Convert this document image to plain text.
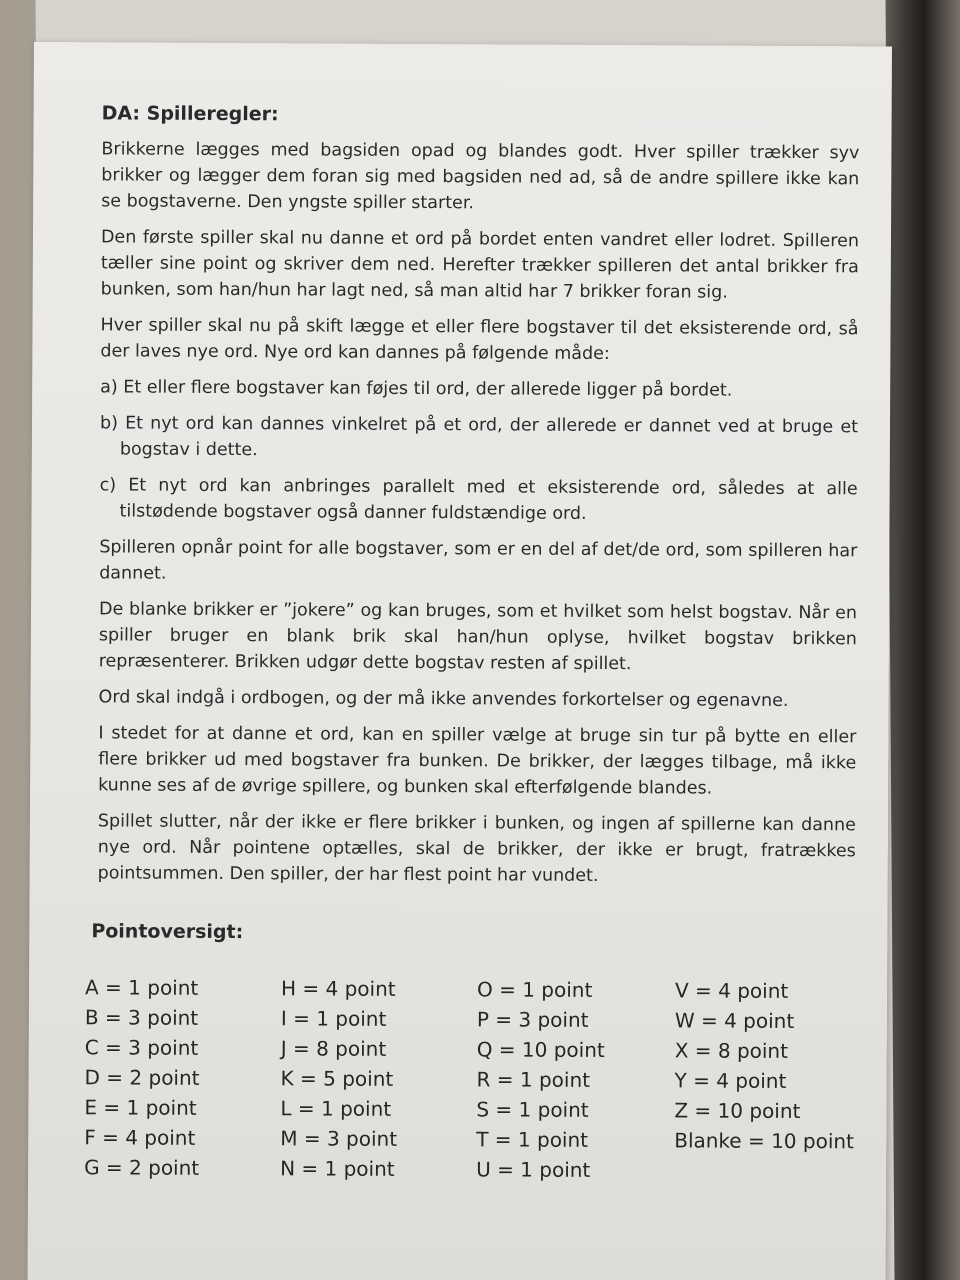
DA: Spilleregler:

Brikkerne lægges med bagsiden opad og blandes godt. Hver spiller trækker syv brikker og lægger dem foran sig med bagsiden ned ad, så de andre spillere ikke kan se bogstaverne. Den yngste spiller starter.

Den første spiller skal nu danne et ord på bordet enten vandret eller lodret. Spilleren tæller sine point og skriver dem ned. Herefter trækker spilleren det antal brikker fra bunken, som han/hun har lagt ned, så man altid har 7 brikker foran sig.

Hver spiller skal nu på skift lægge et eller flere bogstaver til det eksisterende ord, så der laves nye ord. Nye ord kan dannes på følgende måde:

a) Et eller flere bogstaver kan føjes til ord, der allerede ligger på bordet.

b) Et nyt ord kan dannes vinkelret på et ord, der allerede er dannet ved at bruge et bogstav i dette.

c) Et nyt ord kan anbringes parallelt med et eksisterende ord, således at alle tilstødende bogstaver også danner fuldstændige ord.

Spilleren opnår point for alle bogstaver, som er en del af det/de ord, som spilleren har dannet.

De blanke brikker er ”jokere” og kan bruges, som et hvilket som helst bogstav. Når en spiller bruger en blank brik skal han/hun oplyse, hvilket bogstav brikken repræsenterer. Brikken udgør dette bogstav resten af spillet.

Ord skal indgå i ordbogen, og der må ikke anvendes forkortelser og egenavne.

I stedet for at danne et ord, kan en spiller vælge at bruge sin tur på bytte en eller flere brikker ud med bogstaver fra bunken. De brikker, der lægges tilbage, må ikke kunne ses af de øvrige spillere, og bunken skal efterfølgende blandes.

Spillet slutter, når der ikke er flere brikker i bunken, og ingen af spillerne kan danne nye ord. Når pointene optælles, skal de brikker, der ikke er brugt, fratrækkes pointsummen. Den spiller, der har flest point har vundet.

Pointoversigt:
A = 1 point
B = 3 point
C = 3 point
D = 2 point
E = 1 point
F = 4 point
G = 2 point
H = 4 point
I = 1 point
J = 8 point
K = 5 point
L = 1 point
M = 3 point
N = 1 point
O = 1 point
P = 3 point
Q = 10 point
R = 1 point
S = 1 point
T = 1 point
U = 1 point
V = 4 point
W = 4 point
X = 8 point
Y = 4 point
Z = 10 point
Blanke = 10 point
